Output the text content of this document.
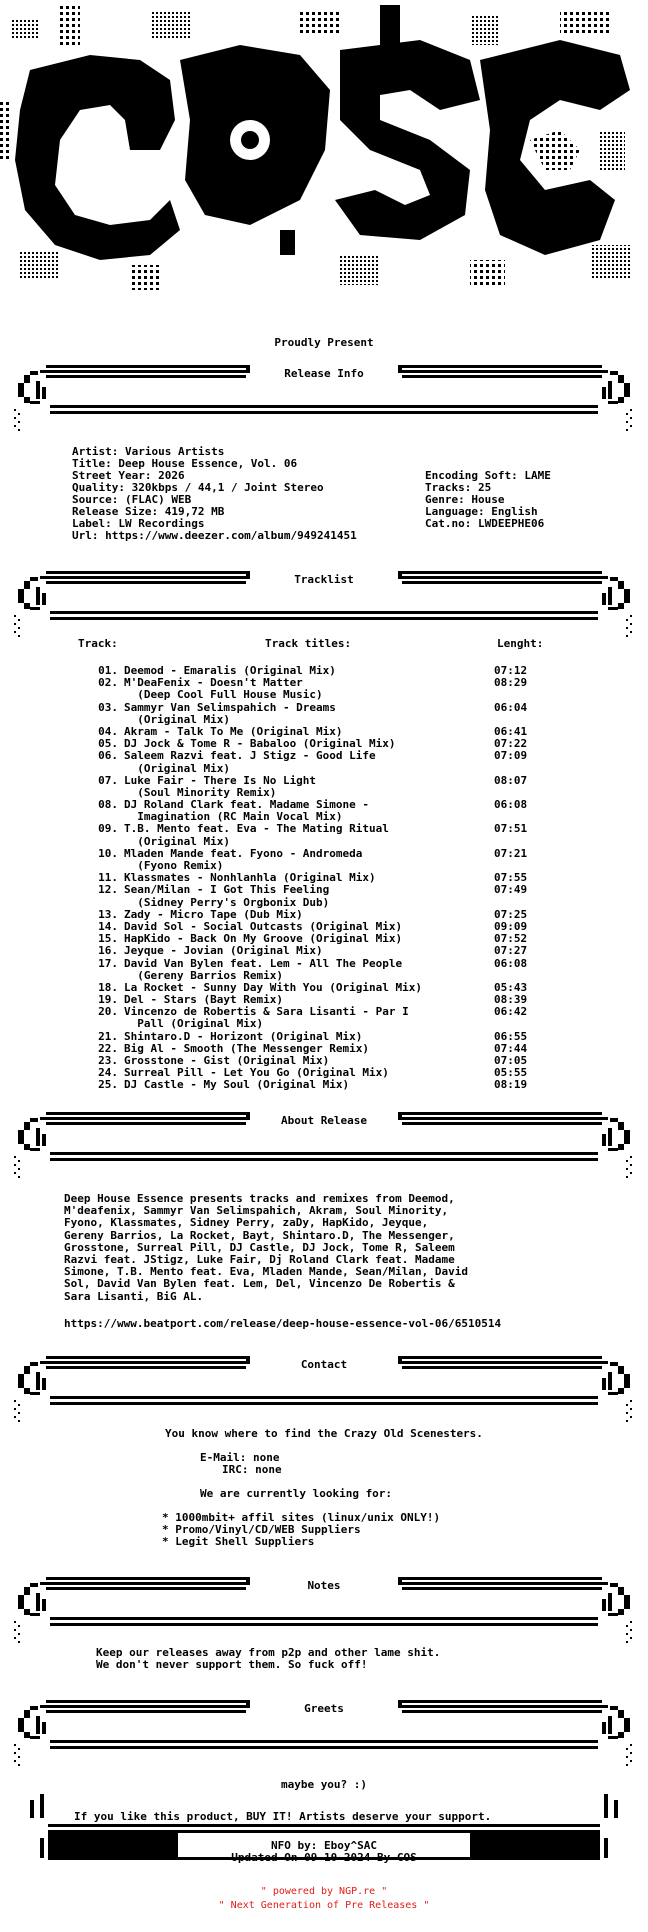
Proudly Present
Release Info
Artist: Various Artists
Title: Deep House Essence, Vol. 06
Street Year: 2026
Quality: 320kbps / 44,1 / Joint Stereo
Source: (FLAC) WEB
Release Size: 419,72 MB
Label: LW Recordings
Url: https://www.deezer.com/album/949241451
Encoding Soft: LAME
Tracks: 25
Genre: House
Language: English
Cat.no: LWDEEPHE06
Tracklist
Track:	Track titles:	Lenght:
01. Deemod - Emaralis (Original Mix)	07:12
02. M'DeaFenix - Doesn't Matter	08:29
(Deep Cool Full House Music)
03. Sammyr Van Selimspahich - Dreams	06:04
(Original Mix)
04. Akram - Talk To Me (Original Mix)	06:41
05. DJ Jock & Tome R - Babaloo (Original Mix)	07:22
06. Saleem Razvi feat. J Stigz - Good Life	07:09
(Original Mix)
07. Luke Fair - There Is No Light	08:07
(Soul Minority Remix)
08. DJ Roland Clark feat. Madame Simone -	06:08
Imagination (RC Main Vocal Mix)
09. T.B. Mento feat. Eva - The Mating Ritual	07:51
(Original Mix)
10. Mladen Mande feat. Fyono - Andromeda	07:21
(Fyono Remix)
11. Klassmates - Nonhlanhla (Original Mix)	07:55
12. Sean/Milan - I Got This Feeling	07:49
(Sidney Perry's Orgbonix Dub)
13. Zady - Micro Tape (Dub Mix)	07:25
14. David Sol - Social Outcasts (Original Mix)	09:09
15. HapKido - Back On My Groove (Original Mix)	07:52
16. Jeyque - Jovian (Original Mix)	07:27
17. David Van Bylen feat. Lem - All The People	06:08
(Gereny Barrios Remix)
18. La Rocket - Sunny Day With You (Original Mix)	05:43
19. Del - Stars (Bayt Remix)	08:39
20. Vincenzo de Robertis & Sara Lisanti - Par I	06:42
Pall (Original Mix)
21. Shintaro.D - Horizont (Original Mix)	06:55
22. Big Al - Smooth (The Messenger Remix)	07:44
23. Grosstone - Gist (Original Mix)	07:05
24. Surreal Pill - Let You Go (Original Mix)	05:55
25. DJ Castle - My Soul (Original Mix)	08:19
About Release
Deep House Essence presents tracks and remixes from Deemod,
M'deafenix, Sammyr Van Selimspahich, Akram, Soul Minority,
Fyono, Klassmates, Sidney Perry, zaDy, HapKido, Jeyque,
Gereny Barrios, La Rocket, Bayt, Shintaro.D, The Messenger,
Grosstone, Surreal Pill, DJ Castle, DJ Jock, Tome R, Saleem
Razvi feat. JStigz, Luke Fair, Dj Roland Clark feat. Madame
Simone, T.B. Mento feat. Eva, Mladen Mande, Sean/Milan, David
Sol, David Van Bylen feat. Lem, Del, Vincenzo De Robertis &
Sara Lisanti, BiG AL.
https://www.beatport.com/release/deep-house-essence-vol-06/6510514
Contact
You know where to find the Crazy Old Scenesters.
E-Mail: none
IRC: none
We are currently looking for:
* 1000mbit+ affil sites (linux/unix ONLY!)
* Promo/Vinyl/CD/WEB Suppliers
* Legit Shell Suppliers
Notes
Keep our releases away from p2p and other lame shit.
We don't never support them. So fuck off!
Greets
maybe you? :)
If you like this product, BUY IT! Artists deserve your support.
NFO by: Eboy^SAC
Updated On 09-10-2024 By COS
" powered by NGP.re "
" Next Generation of Pre Releases "
